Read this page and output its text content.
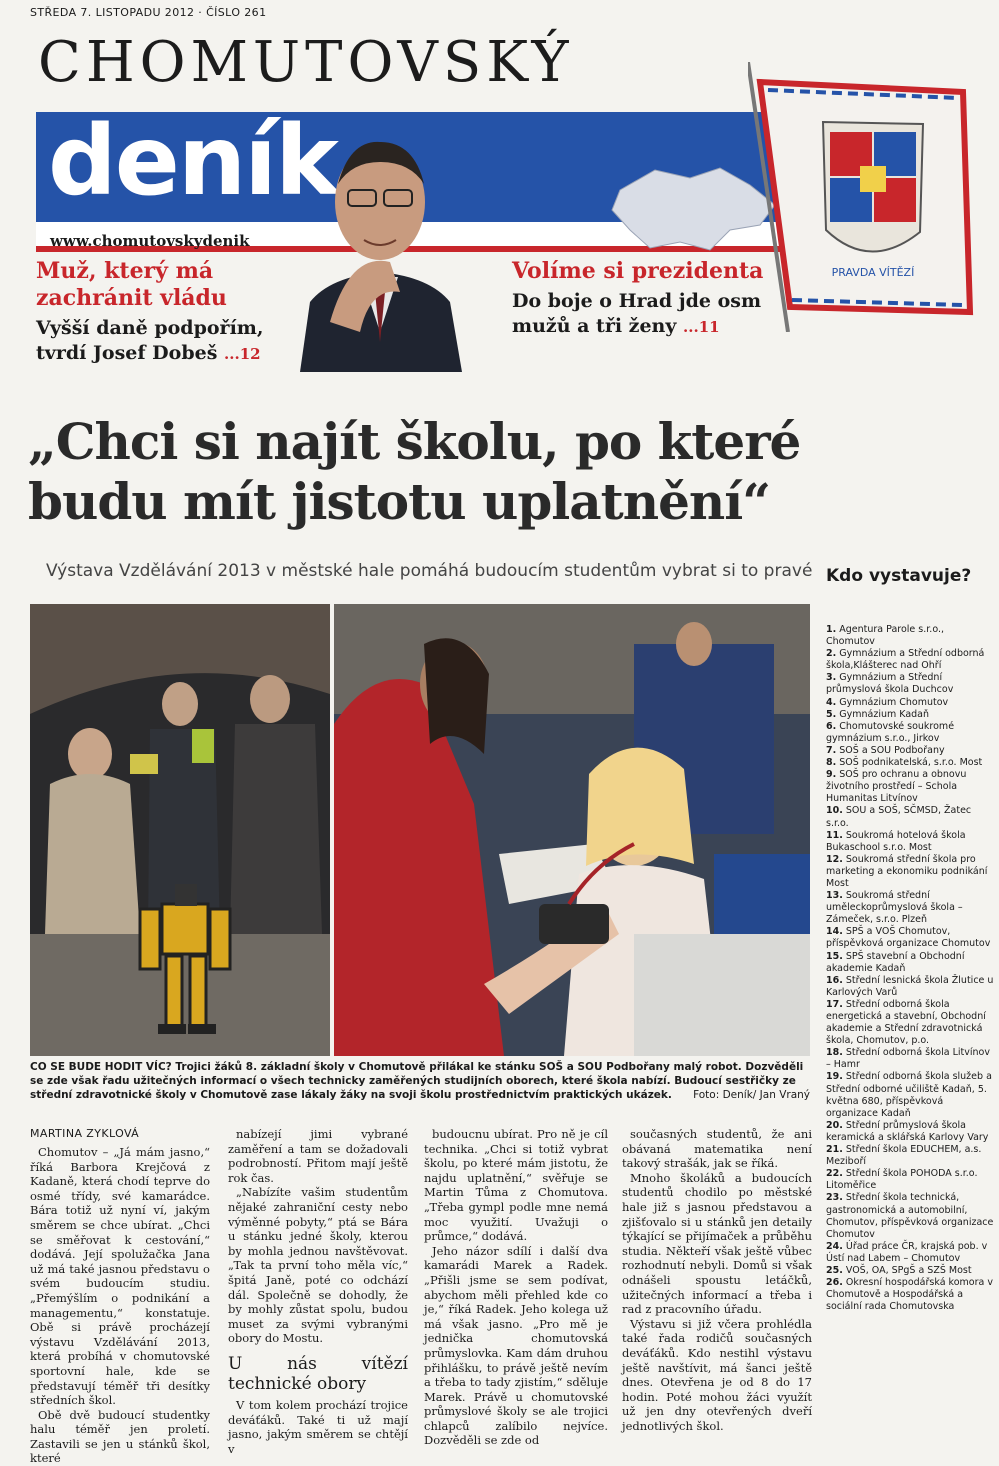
STŘEDA 7. LISTOPADU 2012 · ČÍSLO 261
CHOMUTOVSKÝ
deník
www.chomutovskydenik
PRAVDA VÍTĚZÍ
Muž, který má zachránit vládu
Vyšší daně podpořím, tvrdí Josef Dobeš ...12
Volíme si prezidenta
Do boje o Hrad jde osm mužů a tři ženy ...11
„Chci si najít školu, po které
budu mít jistotu uplatnění“
Výstava Vzdělávání 2013 v městské hale pomáhá budoucím studentům vybrat si to pravé
CO SE BUDE HODIT VÍC? Trojici žáků 8. základní školy v Chomutově přilákal ke stánku SOŠ a SOU Podbořany malý robot. Dozvěděli se zde však řadu užitečných informací o všech technicky zaměřených studijních oborech, které škola nabízí. Budoucí sestřičky ze střední zdravotnické školy v Chomutově zase lákaly žáky na svoji školu prostřednictvím praktických ukázek. Foto: Deník/ Jan Vraný
MARTINA ZYKLOVÁ

Chomutov – „Já mám jasno,“ říká Barbora Krejčová z Kadaně, která chodí teprve do osmé třídy, své kamarádce. Bára totiž už nyní ví, jakým směrem se chce ubírat. „Chci se směřovat k cestování,“ dodává. Její spolužačka Jana už má také jasnou představu o svém budoucím studiu. „Přemýšlím o podnikání a managementu,“ konstatuje. Obě si právě procházejí výstavu Vzdělávání 2013, která probíhá v chomutovské sportovní hale, kde se představují téměř tři desítky středních škol.

Obě dvě budoucí studentky halu téměř jen proletí. Zastavili se jen u stánků škol, které

nabízejí jimi vybrané zaměření a tam se dožadovali podrobností. Přitom mají ještě rok čas.

„Nabízíte vašim studentům nějaké zahraniční cesty nebo výměnné pobyty,“ ptá se Bára u stánku jedné školy, kterou by mohla jednou navštěvovat. „Tak ta první toho měla víc,“ špitá Janě, poté co odchází dál. Společně se dohodly, že by mohly zůstat spolu, budou muset za svými vybranými obory do Mostu.

U nás vítězí technické obory

V tom kolem prochází trojice deváťáků. Také ti už mají jasno, jakým směrem se chtějí v

budoucnu ubírat. Pro ně je cíl technika. „Chci si totiž vybrat školu, po které mám jistotu, že najdu uplatnění,“ svěřuje se Martin Tůma z Chomutova. „Třeba gympl podle mne nemá moc využití. Uvažuji o průmce,“ dodává.

Jeho názor sdílí i další dva kamarádi Marek a Radek. „Přišli jsme se sem podívat, abychom měli přehled kde co je,“ říká Radek. Jeho kolega už má však jasno. „Pro mě je jednička chomutovská průmyslovka. Kam dám druhou přihlášku, to právě ještě nevím a třeba to tady zjistím,“ sděluje Marek. Právě u chomutovské průmyslové školy se ale trojici chlapců zalíbilo nejvíce. Dozvěděli se zde od

současných studentů, že ani obávaná matematika není takový strašák, jak se říká.

Mnoho školáků a budoucích studentů chodilo po městské hale již s jasnou představou a zjišťovalo si u stánků jen detaily týkající se přijímaček a průběhu studia. Někteří však ještě vůbec rozhodnutí nebyli. Domů si však odnášeli spoustu letáčků, užitečných informací a třeba i rad z pracovního úřadu.

Výstavu si již včera prohlédla také řada rodičů současných deváťáků. Kdo nestihl výstavu ještě navštívit, má šanci ještě dnes. Otevřena je od 8 do 17 hodin. Poté mohou žáci využít už jen dny otevřených dveří jednotlivých škol.

Kdo vystavuje?
1. Agentura Parole s.r.o., Chomutov
2. Gymnázium a Střední odborná škola,Klášterec nad Ohří
3. Gymnázium a Střední průmyslová škola Duchcov
4. Gymnázium Chomutov
5. Gymnázium Kadaň
6. Chomutovské soukromé gymnázium s.r.o., Jirkov
7. SOŠ a SOU Podbořany
8. SOŠ podnikatelská, s.r.o. Most
9. SOŠ pro ochranu a obnovu životního prostředí – Schola Humanitas Litvínov
10. SOU a SOŠ, SČMSD, Žatec s.r.o.
11. Soukromá hotelová škola Bukaschool s.r.o. Most
12. Soukromá střední škola pro marketing a ekonomiku podnikání Most
13. Soukromá střední uměleckoprůmyslová škola – Zámeček, s.r.o. Plzeň
14. SPŠ a VOŠ Chomutov, příspěvková organizace Chomutov
15. SPŠ stavební a Obchodní akademie Kadaň
16. Střední lesnická škola Žlutice u Karlových Varů
17. Střední odborná škola energetická a stavební, Obchodní akademie a Střední zdravotnická škola, Chomutov, p.o.
18. Střední odborná škola Litvínov – Hamr
19. Střední odborná škola služeb a Střední odborné učiliště Kadaň, 5. května 680, příspěvková organizace Kadaň
20. Střední průmyslová škola keramická a sklářská Karlovy Vary
21. Střední škola EDUCHEM, a.s. Meziboří
22. Střední škola POHODA s.r.o. Litoměřice
23. Střední škola technická, gastronomická a automobilní, Chomutov, příspěvková organizace Chomutov
24. Úřad práce ČR, krajská pob. v Ústí nad Labem – Chomutov
25. VOŠ, OA, SPgŠ a SZŠ Most
26. Okresní hospodářská komora v Chomutově a Hospodářská a sociální rada Chomutovska
